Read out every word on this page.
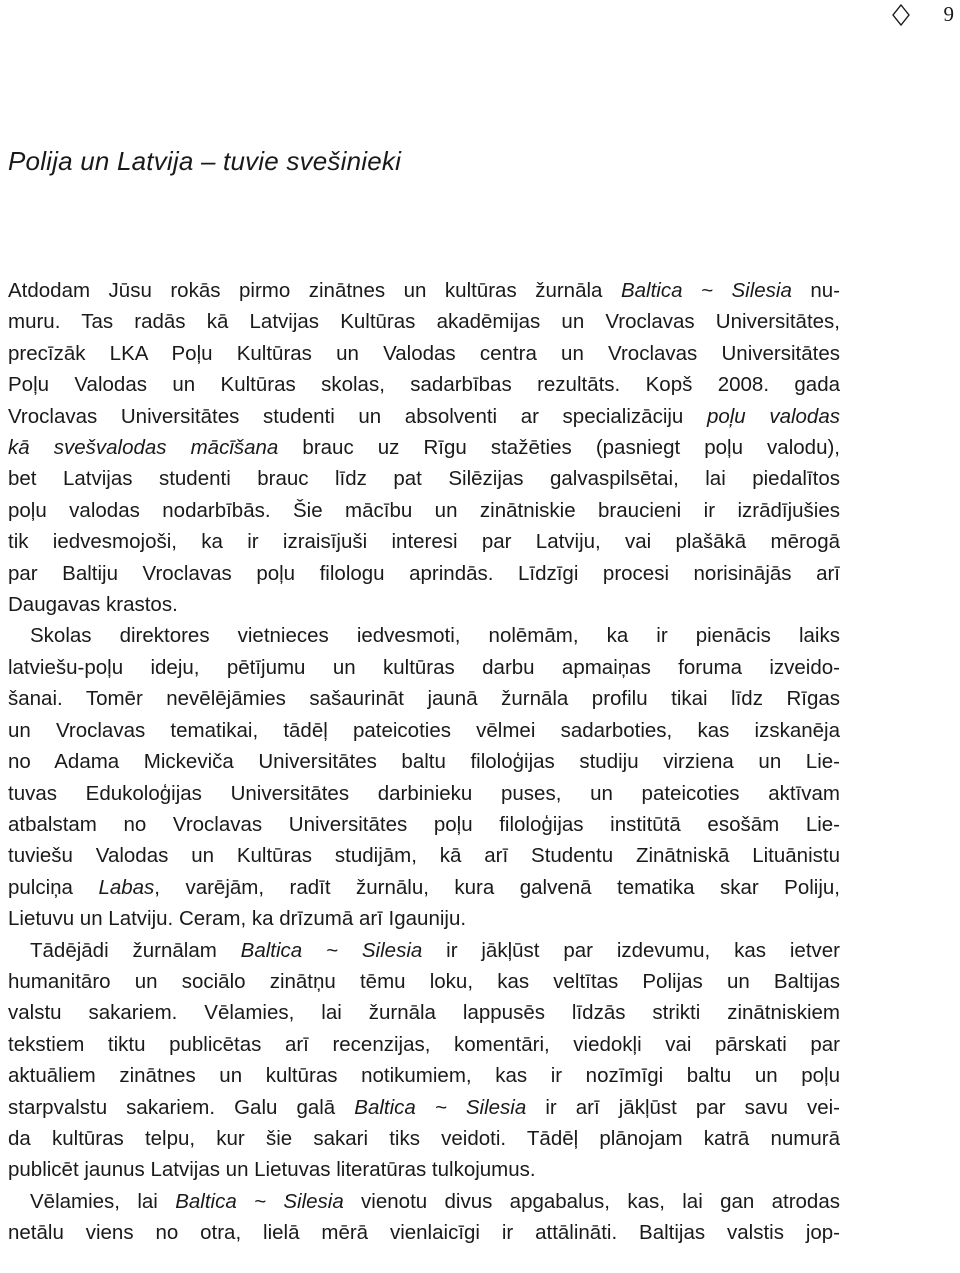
9
Polija un Latvija – tuvie svešinieki
Atdodam Jūsu rokās pirmo zinātnes un kultūras žurnāla Baltica ~ Silesia nu-
muru. Tas radās kā Latvijas Kultūras akadēmijas un Vroclavas Universitātes,
precīzāk LKA Poļu Kultūras un Valodas centra un Vroclavas Universitātes
Poļu Valodas un Kultūras skolas, sadarbības rezultāts. Kopš 2008. gada
Vroclavas Universitātes studenti un absolventi ar specializāciju poļu valodas
kā svešvalodas mācīšana brauc uz Rīgu stažēties (pasniegt poļu valodu),
bet Latvijas studenti brauc līdz pat Silēzijas galvaspilsētai, lai piedalītos
poļu valodas nodarbībās. Šie mācību un zinātniskie braucieni ir izrādījušies
tik iedvesmojoši, ka ir izraisījuši interesi par Latviju, vai plašākā mērogā
par Baltiju Vroclavas poļu filologu aprindās. Līdzīgi procesi norisinājās arī
Daugavas krastos.
Skolas direktores vietnieces iedvesmoti, nolēmām, ka ir pienācis laiks
latviešu-poļu ideju, pētījumu un kultūras darbu apmaiņas foruma izveido-
šanai. Tomēr nevēlējāmies sašaurināt jaunā žurnāla profilu tikai līdz Rīgas
un Vroclavas tematikai, tādēļ pateicoties vēlmei sadarboties, kas izskanēja
no Adama Mickeviča Universitātes baltu filoloģijas studiju virziena un Lie-
tuvas Edukoloģijas Universitātes darbinieku puses, un pateicoties aktīvam
atbalstam no Vroclavas Universitātes poļu filoloģijas institūtā esošām Lie-
tuviešu Valodas un Kultūras studijām, kā arī Studentu Zinātniskā Lituānistu
pulciņa Labas, varējām, radīt žurnālu, kura galvenā tematika skar Poliju,
Lietuvu un Latviju. Ceram, ka drīzumā arī Igauniju.
Tādējādi žurnālam Baltica ~ Silesia ir jākļūst par izdevumu, kas ietver
humanitāro un sociālo zinātņu tēmu loku, kas veltītas Polijas un Baltijas
valstu sakariem. Vēlamies, lai žurnāla lappusēs līdzās strikti zinātniskiem
tekstiem tiktu publicētas arī recenzijas, komentāri, viedokļi vai pārskati par
aktuāliem zinātnes un kultūras notikumiem, kas ir nozīmīgi baltu un poļu
starpvalstu sakariem. Galu galā Baltica ~ Silesia ir arī jākļūst par savu vei-
da kultūras telpu, kur šie sakari tiks veidoti. Tādēļ plānojam katrā numurā
publicēt jaunus Latvijas un Lietuvas literatūras tulkojumus.
Vēlamies, lai Baltica ~ Silesia vienotu divus apgabalus, kas, lai gan atrodas
netālu viens no otra, lielā mērā vienlaicīgi ir attālināti. Baltijas valstis jop-
